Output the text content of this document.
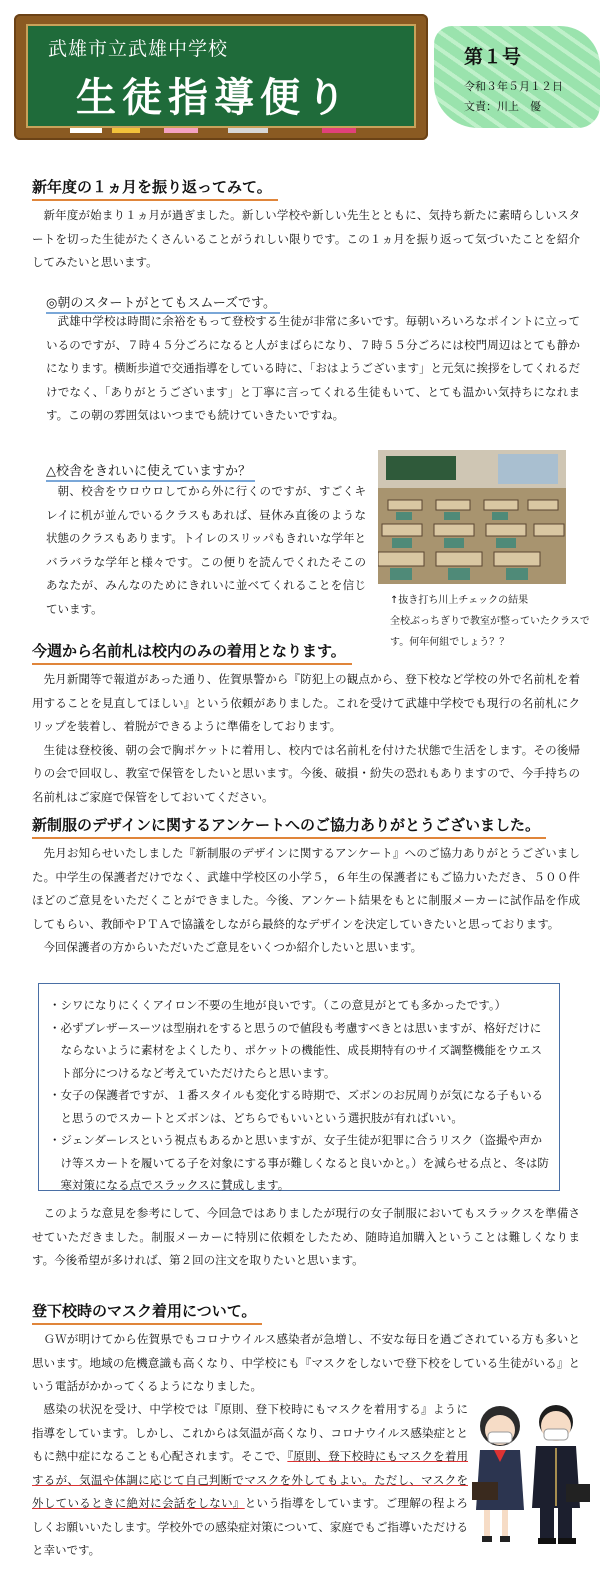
武雄市立武雄中学校
生徒指導便り
第１号
令和３年５月１２日
文責：川上　優
新年度の１ヵ月を振り返ってみて。

新年度が始まり１ヵ月が過ぎました。新しい学校や新しい先生とともに、気持ち新たに素晴らしいスタートを切った生徒がたくさんいることがうれしい限りです。この１ヵ月を振り返って気づいたことを紹介してみたいと思います。

◎朝のスタートがとてもスムーズです。

武雄中学校は時間に余裕をもって登校する生徒が非常に多いです。毎朝いろいろなポイントに立っているのですが、７時４５分ごろになると人がまばらになり、７時５５分ごろには校門周辺はとても静かになります。横断歩道で交通指導をしている時に、「おはようございます」と元気に挨拶をしてくれるだけでなく、「ありがとうございます」と丁寧に言ってくれる生徒もいて、とても温かい気持ちになれます。この朝の雰囲気はいつまでも続けていきたいですね。

△校舎をきれいに使えていますか？

朝、校舎をウロウロしてから外に行くのですが、すごくキレイに机が並んでいるクラスもあれば、昼休み直後のような状態のクラスもあります。トイレのスリッパもきれいな学年とバラバラな学年と様々です。この便りを読んでくれたそこのあなたが、みんなのためにきれいに並べてくれることを信じています。

↑抜き打ち川上チェックの結果
全校ぶっちぎりで教室が整っていたクラスです。何年何組でしょう？？
今週から名前札は校内のみの着用となります。

先月新聞等で報道があった通り、佐賀県警から『防犯上の観点から、登下校など学校の外で名前札を着用することを見直してほしい』という依頼がありました。これを受けて武雄中学校でも現行の名前札にクリップを装着し、着脱ができるように準備をしております。

生徒は登校後、朝の会で胸ポケットに着用し、校内では名前札を付けた状態で生活をします。その後帰りの会で回収し、教室で保管をしたいと思います。今後、破損・紛失の恐れもありますので、今手持ちの名前札はご家庭で保管をしておいてください。

新制服のデザインに関するアンケートへのご協力ありがとうございました。

先月お知らせいたしました『新制服のデザインに関するアンケート』へのご協力ありがとうございました。中学生の保護者だけでなく、武雄中学校区の小学５，６年生の保護者にもご協力いただき、５００件ほどのご意見をいただくことができました。今後、アンケート結果をもとに制服メーカーに試作品を作成してもらい、教師やＰＴＡで協議をしながら最終的なデザインを決定していきたいと思っております。

今回保護者の方からいただいたご意見をいくつか紹介したいと思います。

・シワになりにくくアイロン不要の生地が良いです。（この意見がとても多かったです。）
・必ずブレザースーツは型崩れをすると思うので値段も考慮すべきとは思いますが、格好だけにならないように素材をよくしたり、ポケットの機能性、成長期特有のサイズ調整機能をウエスト部分につけるなど考えていただけたらと思います。
・女子の保護者ですが、１番スタイルも変化する時期で、ズボンのお尻周りが気になる子もいると思うのでスカートとズボンは、どちらでもいいという選択肢が有ればいい。
・ジェンダーレスという視点もあるかと思いますが、女子生徒が犯罪に合うリスク（盗撮や声かけ等スカートを履いてる子を対象にする事が難しくなると良いかと。）を減らせる点と、冬は防寒対策になる点でスラックスに賛成します。

このような意見を参考にして、今回急ではありましたが現行の女子制服においてもスラックスを準備させていただきました。制服メーカーに特別に依頼をしたため、随時追加購入ということは難しくなります。今後希望が多ければ、第２回の注文を取りたいと思います。

登下校時のマスク着用について。

ＧＷが明けてから佐賀県でもコロナウイルス感染者が急増し、不安な毎日を過ごされている方も多いと思います。地域の危機意識も高くなり、中学校にも『マスクをしないで登下校をしている生徒がいる』という電話がかかってくるようになりました。

感染の状況を受け、中学校では『原則、登下校時にもマスクを着用する』ように指導をしています。しかし、これからは気温が高くなり、コロナウイルス感染症とともに熱中症になることも心配されます。そこで、『原則、登下校時にもマスクを着用するが、気温や体調に応じて自己判断でマスクを外してもよい。ただし、マスクを外しているときに絶対に会話をしない』という指導をしています。ご理解の程よろしくお願いいたします。学校外での感染症対策について、家庭でもご指導いただけると幸いです。
